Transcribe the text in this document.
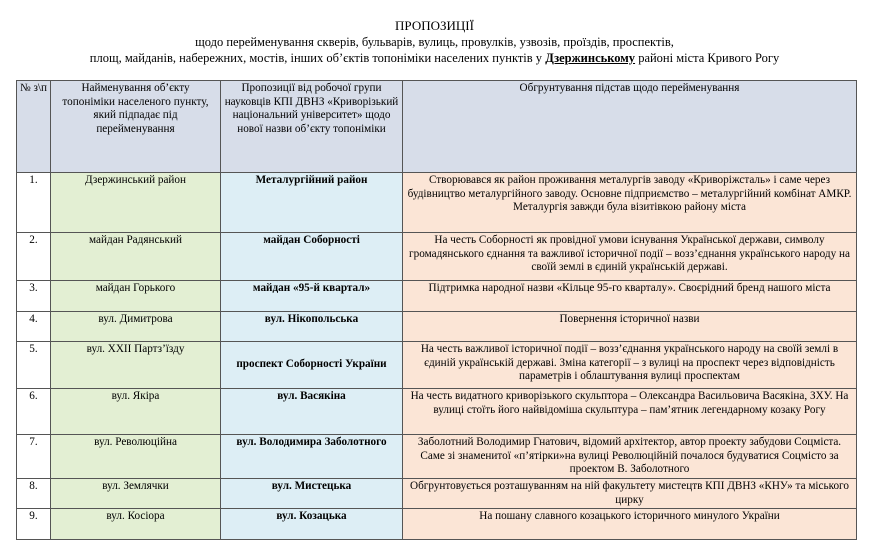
ПРОПОЗИЦІЇ
щодо перейменування скверів, бульварів, вулиць, провулків, узвозів, проїздів, проспектів,
площ, майданів, набережних, мостів, інших об’єктів топоніміки населених пунктів у Дзержинському районі міста Кривого Рогу
№ з\п	Найменування об’єкту топоніміки населеного пункту, який підпадає під перейменування	Пропозиції від робочої групи науковців КПІ ДВНЗ «Криворізький національний університет» щодо нової назви об’єкту топоніміки	Обгрунтування підстав щодо перейменування
1.	Дзержинський район	Металургійний район	Створювався як район проживання металургів заводу «Криворіжсталь» і саме через будівництво металургійного заводу. Основне підприємство – металургійний комбінат АМКР. Металургія завжди була візитівкою району міста
2.	майдан Радянський	майдан Соборності	На честь Соборності як провідної умови існування Української держави, символу громадянського єднання та важливої історичної події – возз’єднання українського народу на своїй землі в єдиній українській державі.
3.	майдан Горького	майдан «95-й квартал»	Підтримка народної назви «Кільце 95-го кварталу». Своєрідний бренд нашого міста
4.	вул. Димитрова	вул. Нікопольська	Повернення історичної назви
5.	вул. ХХІІ Партз’їзду	проспект Соборності України	На честь важливої історичної події – возз’єднання українського народу на своїй землі в єдиній українській державі. Зміна категорії – з вулиці на проспект через відповідність параметрів і облаштування вулиці проспектам
6.	вул. Якіра	вул. Васякіна	На честь видатного криворізького скульптора – Олександра Васильовича Васякіна, ЗХУ. На вулиці стоїть його найвідоміша скульптура – пам’ятник легендарному козаку Рогу
7.	вул. Революційна	вул. Володимира Заболотного	Заболотний Володимир Гнатович, відомий архітектор, автор проекту забудови Соцмістa. Саме зі знаменитої «п’ятірки»на вулиці Революційній почалося будуватися Соцмісто за проектом В. Заболотного
8.	вул. Землячки	вул. Мистецька	Обгрунтовується розташуванням на ній факультету мистецтв КПІ ДВНЗ «КНУ» та міського цирку
9.	вул. Косіора	вул. Козацька	На пошану славного козацького історичного минулого України
